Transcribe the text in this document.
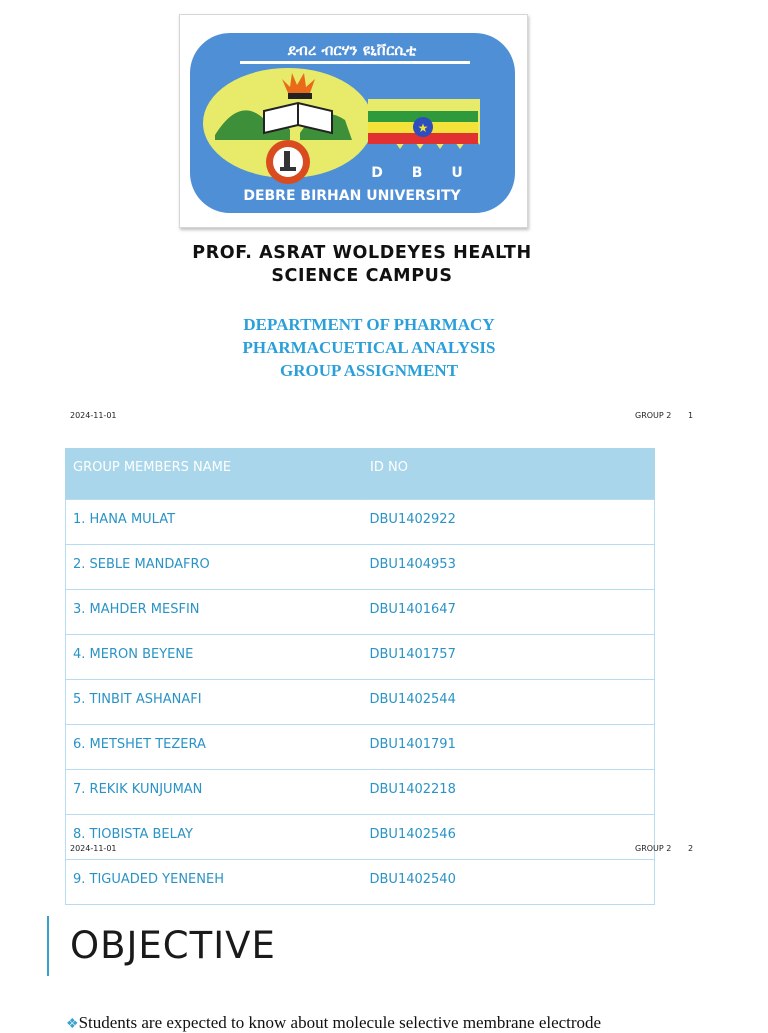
ደብረ ብርሃን ዩኒቨርሲቲ
★
D B U
DEBRE BIRHAN UNIVERSITY
PROF. ASRAT WOLDEYES HEALTH
SCIENCE CAMPUS
DEPARTMENT OF PHARMACY
PHARMACUETICAL ANALYSIS
GROUP ASSIGNMENT
2024-11-01	GROUP 2 1
GROUP MEMBERS NAME	ID NO
1. HANA MULAT	DBU1402922
2. SEBLE MANDAFRO	DBU1404953
3. MAHDER MESFIN	DBU1401647
4. MERON BEYENE	DBU1401757
5. TINBIT ASHANAFI	DBU1402544
6. METSHET TEZERA	DBU1401791
7. REKIK KUNJUMAN	DBU1402218
8. TIOBISTA BELAY	DBU1402546
9. TIGUADED YENENEH	DBU1402540
2024-11-01	GROUP 2 2
OBJECTIVE
❖Students are expected to know about molecule selective membrane electrode
